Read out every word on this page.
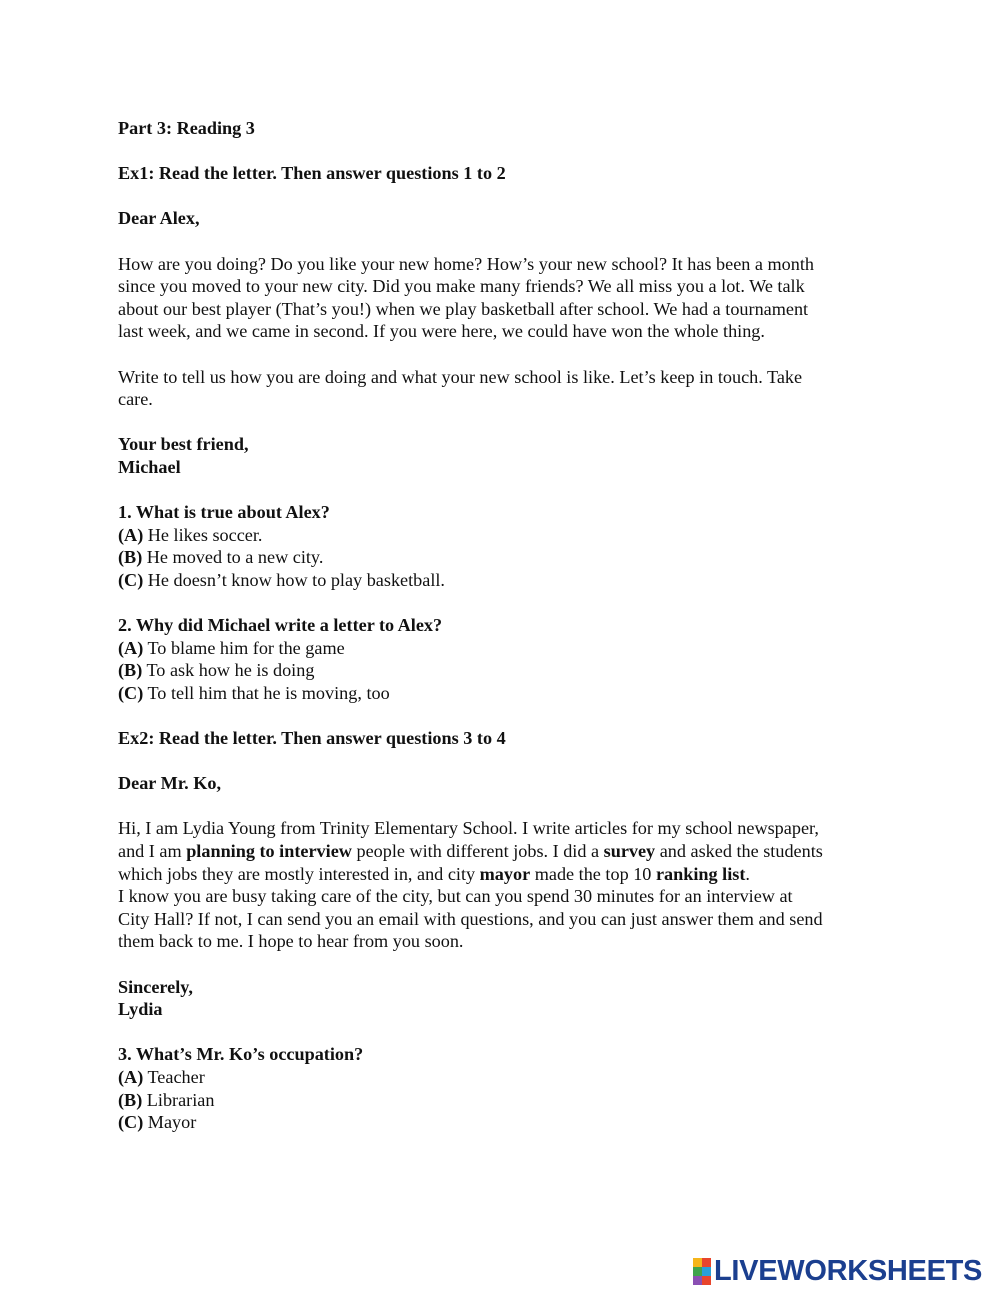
Part 3: Reading 3
Ex1: Read the letter. Then answer questions 1 to 2
Dear Alex,
How are you doing? Do you like your new home? How’s your new school? It has been a month
since you moved to your new city. Did you make many friends? We all miss you a lot. We talk
about our best player (That’s you!) when we play basketball after school. We had a tournament
last week, and we came in second. If you were here, we could have won the whole thing.
Write to tell us how you are doing and what your new school is like. Let’s keep in touch. Take
care.
Your best friend,
Michael
1. What is true about Alex?
(A) He likes soccer.
(B) He moved to a new city.
(C) He doesn’t know how to play basketball.
2. Why did Michael write a letter to Alex?
(A) To blame him for the game
(B) To ask how he is doing
(C) To tell him that he is moving, too
Ex2: Read the letter. Then answer questions 3 to 4
Dear Mr. Ko,
Hi, I am Lydia Young from Trinity Elementary School. I write articles for my school newspaper,
and I am planning to interview people with different jobs. I did a survey and asked the students
which jobs they are mostly interested in, and city mayor made the top 10 ranking list.
I know you are busy taking care of the city, but can you spend 30 minutes for an interview at
City Hall? If not, I can send you an email with questions, and you can just answer them and send
them back to me. I hope to hear from you soon.
Sincerely,
Lydia
3. What’s Mr. Ko’s occupation?
(A) Teacher
(B) Librarian
(C) Mayor
LIVEWORKSHEETS
